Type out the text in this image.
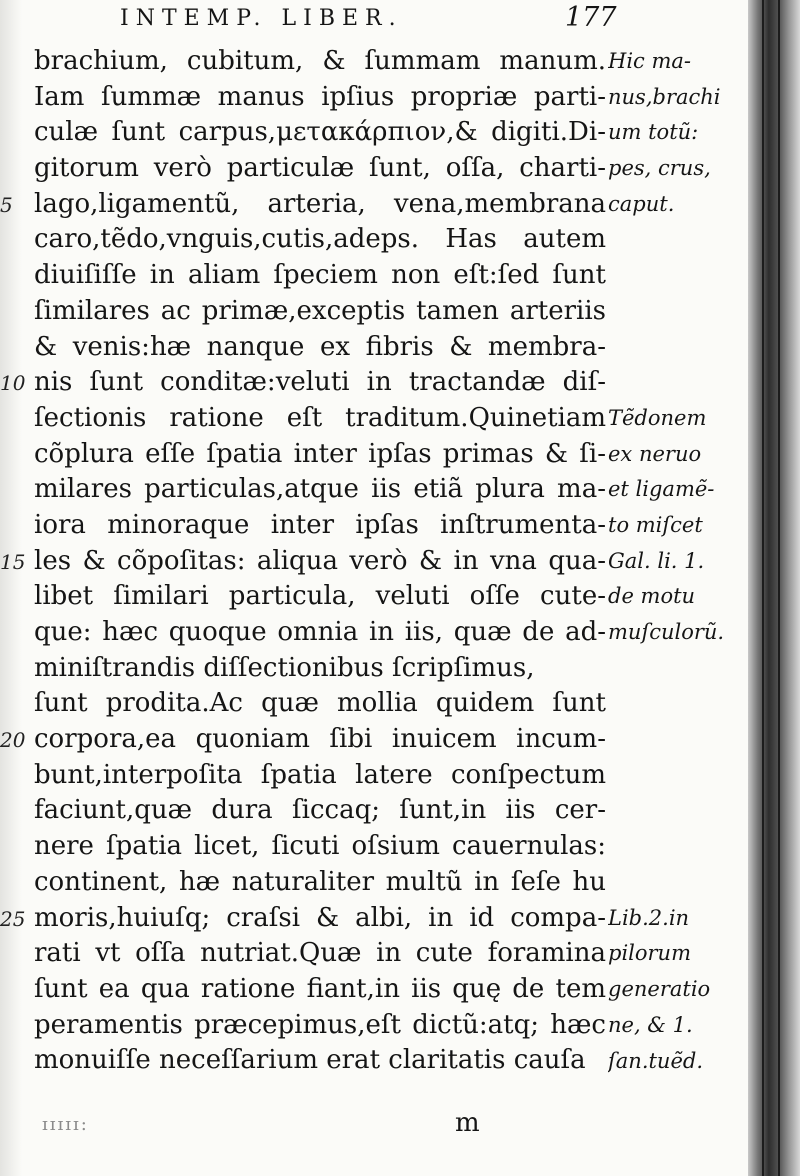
INTEMP. LIBER.	177
brachium, cubitum, & ſummam manum.
Iam ſummæ manus ipſius propriæ parti-
culæ ſunt carpus,μετακάρπιον,& digiti.Di-
gitorum verò particulæ ſunt, oſſa, charti-
lago,ligamentũ, arteria, vena,membrana
caro,tẽdo,vnguis,cutis,adeps. Has autem
diuiſiſſe in aliam ſpeciem non eſt:ſed ſunt
ſimilares ac primæ,exceptis tamen arteriis
& venis:hæ nanque ex fibris & membra-
nis ſunt conditæ:veluti in tractandæ diſ-
ſectionis ratione eſt traditum.Quinetiam
cõplura eſſe ſpatia inter ipſas primas & ſi-
milares particulas,atque iis etiã plura ma-
iora minoraque inter ipſas inſtrumenta-
les & cõpoſitas: aliqua verò & in vna qua-
libet ſimilari particula, veluti oſſe cute-
que: hæc quoque omnia in iis, quæ de ad-
miniſtrandis diſſectionibus ſcripſimus,
ſunt prodita.Ac quæ mollia quidem ſunt
corpora,ea quoniam ſibi inuicem incum-
bunt,interpoſita ſpatia latere conſpectum
faciunt,quæ dura ſiccaq; ſunt,in iis cer-
nere ſpatia licet, ſicuti oſsium cauernulas:
continent, hæ naturaliter multũ in ſeſe hu
moris,huiuſq; craſsi & albi, in id compa-
rati vt oſſa nutriat.Quæ in cute foramina
ſunt ea qua ratione fiant,in iis quę de tem
peramentis præcepimus,eſt dictũ:atq; hæc
monuiſſe neceſſarium erat claritatis cauſa
5
10
15
20
25
Hic ma-
nus,brachi
um totũ:
pes, crus,
caput.
Tẽdonem
ex neruo
et ligamẽ-
to miſcet
Gal. li. 1.
de motu
muſculorũ.
Lib.2.in
pilorum
generatio
ne, & 1.
ſan.tuẽd.
ɪɪɪɪɪ:	m
